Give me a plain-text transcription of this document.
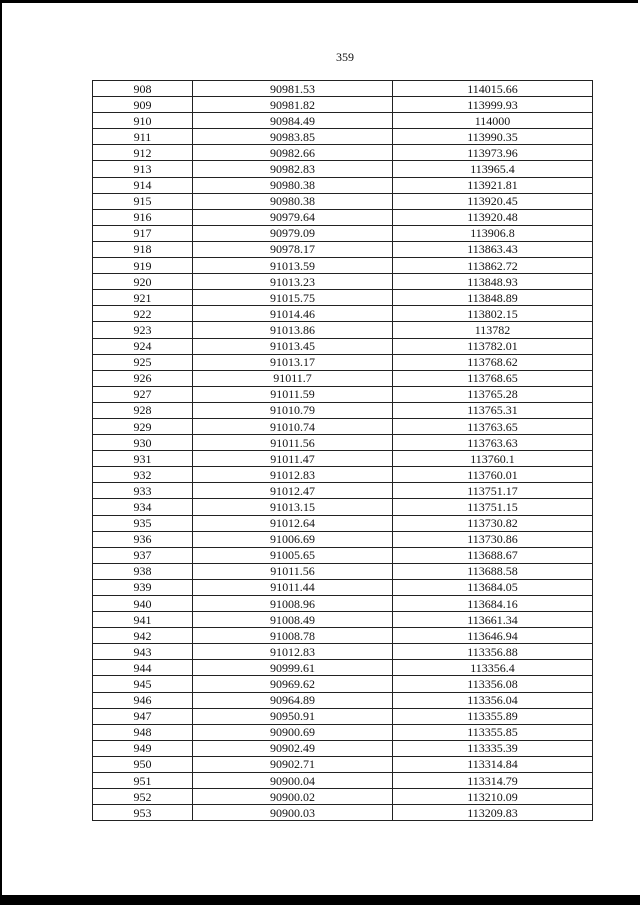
359
908	90981.53	114015.66
909	90981.82	113999.93
910	90984.49	114000
911	90983.85	113990.35
912	90982.66	113973.96
913	90982.83	113965.4
914	90980.38	113921.81
915	90980.38	113920.45
916	90979.64	113920.48
917	90979.09	113906.8
918	90978.17	113863.43
919	91013.59	113862.72
920	91013.23	113848.93
921	91015.75	113848.89
922	91014.46	113802.15
923	91013.86	113782
924	91013.45	113782.01
925	91013.17	113768.62
926	91011.7	113768.65
927	91011.59	113765.28
928	91010.79	113765.31
929	91010.74	113763.65
930	91011.56	113763.63
931	91011.47	113760.1
932	91012.83	113760.01
933	91012.47	113751.17
934	91013.15	113751.15
935	91012.64	113730.82
936	91006.69	113730.86
937	91005.65	113688.67
938	91011.56	113688.58
939	91011.44	113684.05
940	91008.96	113684.16
941	91008.49	113661.34
942	91008.78	113646.94
943	91012.83	113356.88
944	90999.61	113356.4
945	90969.62	113356.08
946	90964.89	113356.04
947	90950.91	113355.89
948	90900.69	113355.85
949	90902.49	113335.39
950	90902.71	113314.84
951	90900.04	113314.79
952	90900.02	113210.09
953	90900.03	113209.83
